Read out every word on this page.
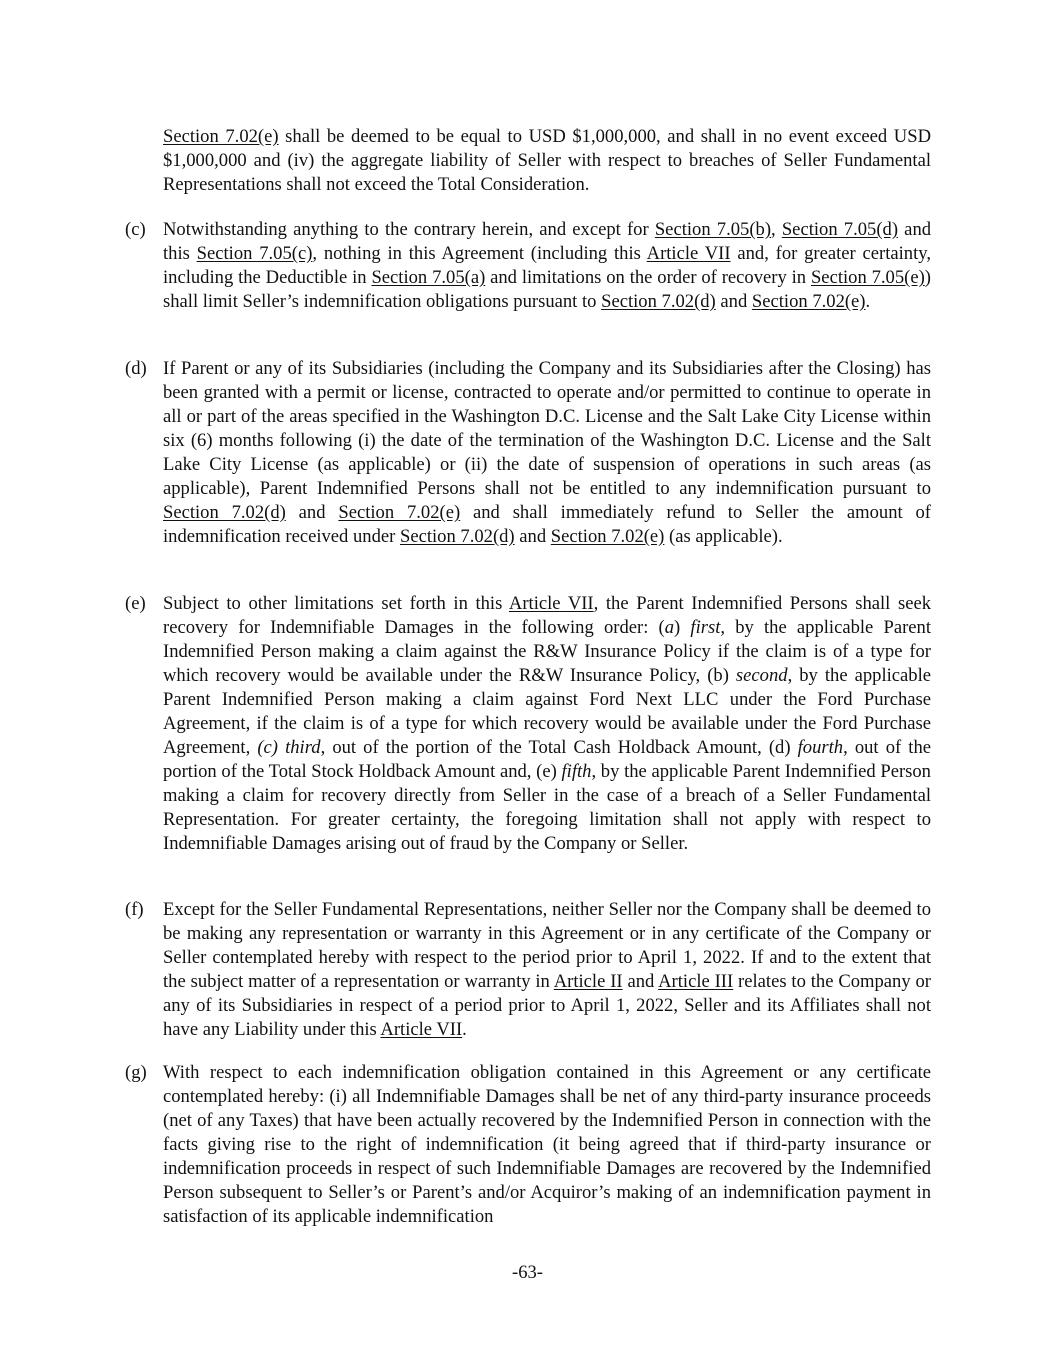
Section 7.02(e) shall be deemed to be equal to USD $1,000,000, and shall in no event exceed USD $1,000,000 and (iv) the aggregate liability of Seller with respect to breaches of Seller Fundamental Representations shall not exceed the Total Consideration.
(c) Notwithstanding anything to the contrary herein, and except for Section 7.05(b), Section 7.05(d) and this Section 7.05(c), nothing in this Agreement (including this Article VII and, for greater certainty, including the Deductible in Section 7.05(a) and limitations on the order of recovery in Section 7.05(e)) shall limit Seller’s indemnification obligations pursuant to Section 7.02(d) and Section 7.02(e).
(d) If Parent or any of its Subsidiaries (including the Company and its Subsidiaries after the Closing) has been granted with a permit or license, contracted to operate and/or permitted to continue to operate in all or part of the areas specified in the Washington D.C. License and the Salt Lake City License within six (6) months following (i) the date of the termination of the Washington D.C. License and the Salt Lake City License (as applicable) or (ii) the date of suspension of operations in such areas (as applicable), Parent Indemnified Persons shall not be entitled to any indemnification pursuant to Section 7.02(d) and Section 7.02(e) and shall immediately refund to Seller the amount of indemnification received under Section 7.02(d) and Section 7.02(e) (as applicable).
(e) Subject to other limitations set forth in this Article VII, the Parent Indemnified Persons shall seek recovery for Indemnifiable Damages in the following order: (a) first, by the applicable Parent Indemnified Person making a claim against the R&W Insurance Policy if the claim is of a type for which recovery would be available under the R&W Insurance Policy, (b) second, by the applicable Parent Indemnified Person making a claim against Ford Next LLC under the Ford Purchase Agreement, if the claim is of a type for which recovery would be available under the Ford Purchase Agreement, (c) third, out of the portion of the Total Cash Holdback Amount, (d) fourth, out of the portion of the Total Stock Holdback Amount and, (e) fifth, by the applicable Parent Indemnified Person making a claim for recovery directly from Seller in the case of a breach of a Seller Fundamental Representation. For greater certainty, the foregoing limitation shall not apply with respect to Indemnifiable Damages arising out of fraud by the Company or Seller.
(f) Except for the Seller Fundamental Representations, neither Seller nor the Company shall be deemed to be making any representation or warranty in this Agreement or in any certificate of the Company or Seller contemplated hereby with respect to the period prior to April 1, 2022. If and to the extent that the subject matter of a representation or warranty in Article II and Article III relates to the Company or any of its Subsidiaries in respect of a period prior to April 1, 2022, Seller and its Affiliates shall not have any Liability under this Article VII.
(g) With respect to each indemnification obligation contained in this Agreement or any certificate contemplated hereby: (i) all Indemnifiable Damages shall be net of any third-party insurance proceeds (net of any Taxes) that have been actually recovered by the Indemnified Person in connection with the facts giving rise to the right of indemnification (it being agreed that if third-party insurance or indemnification proceeds in respect of such Indemnifiable Damages are recovered by the Indemnified Person subsequent to Seller’s or Parent’s and/or Acquiror’s making of an indemnification payment in satisfaction of its applicable indemnification
-63-
